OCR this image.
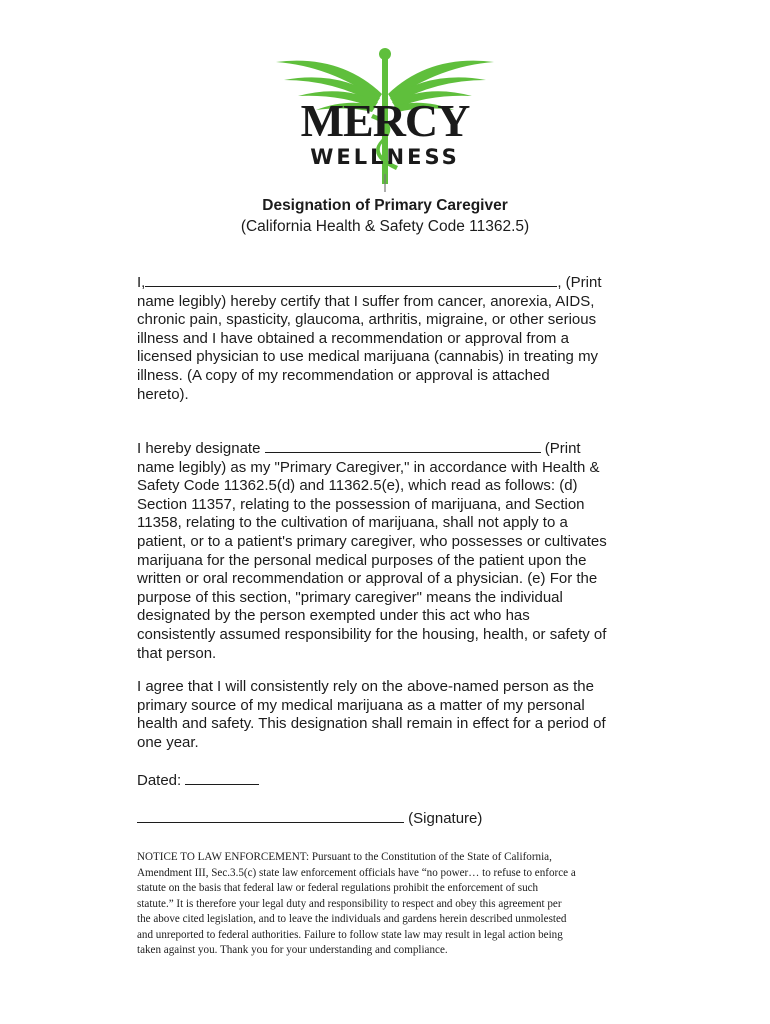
MERCY
WELLNESS
Designation of Primary Caregiver
(California Health & Safety Code 11362.5)
I,	, (Print
name legibly) hereby certify that I suffer from cancer, anorexia, AIDS,
chronic pain, spasticity, glaucoma, arthritis, migraine, or other serious
illness and I have obtained a recommendation or approval from a
licensed physician to use medical marijuana (cannabis) in treating my
illness. (A copy of my recommendation or approval is attached
hereto).
I hereby designate	(Print
name legibly) as my "Primary Caregiver," in accordance with Health &
Safety Code 11362.5(d) and 11362.5(e), which read as follows: (d)
Section 11357, relating to the possession of marijuana, and Section
11358, relating to the cultivation of marijuana, shall not apply to a
patient, or to a patient's primary caregiver, who possesses or cultivates
marijuana for the personal medical purposes of the patient upon the
written or oral recommendation or approval of a physician. (e) For the
purpose of this section, "primary caregiver" means the individual
designated by the person exempted under this act who has
consistently assumed responsibility for the housing, health, or safety of
that person.
I agree that I will consistently rely on the above-named person as the
primary source of my medical marijuana as a matter of my personal
health and safety. This designation shall remain in effect for a period of
one year.
Dated:
(Signature)
NOTICE TO LAW ENFORCEMENT: Pursuant to the Constitution of the State of California,
Amendment III, Sec.3.5(c) state law enforcement officials have “no power… to refuse to enforce a
statute on the basis that federal law or federal regulations prohibit the enforcement of such
statute.” It is therefore your legal duty and responsibility to respect and obey this agreement per
the above cited legislation, and to leave the individuals and gardens herein described unmolested
and unreported to federal authorities. Failure to follow state law may result in legal action being
taken against you. Thank you for your understanding and compliance.
